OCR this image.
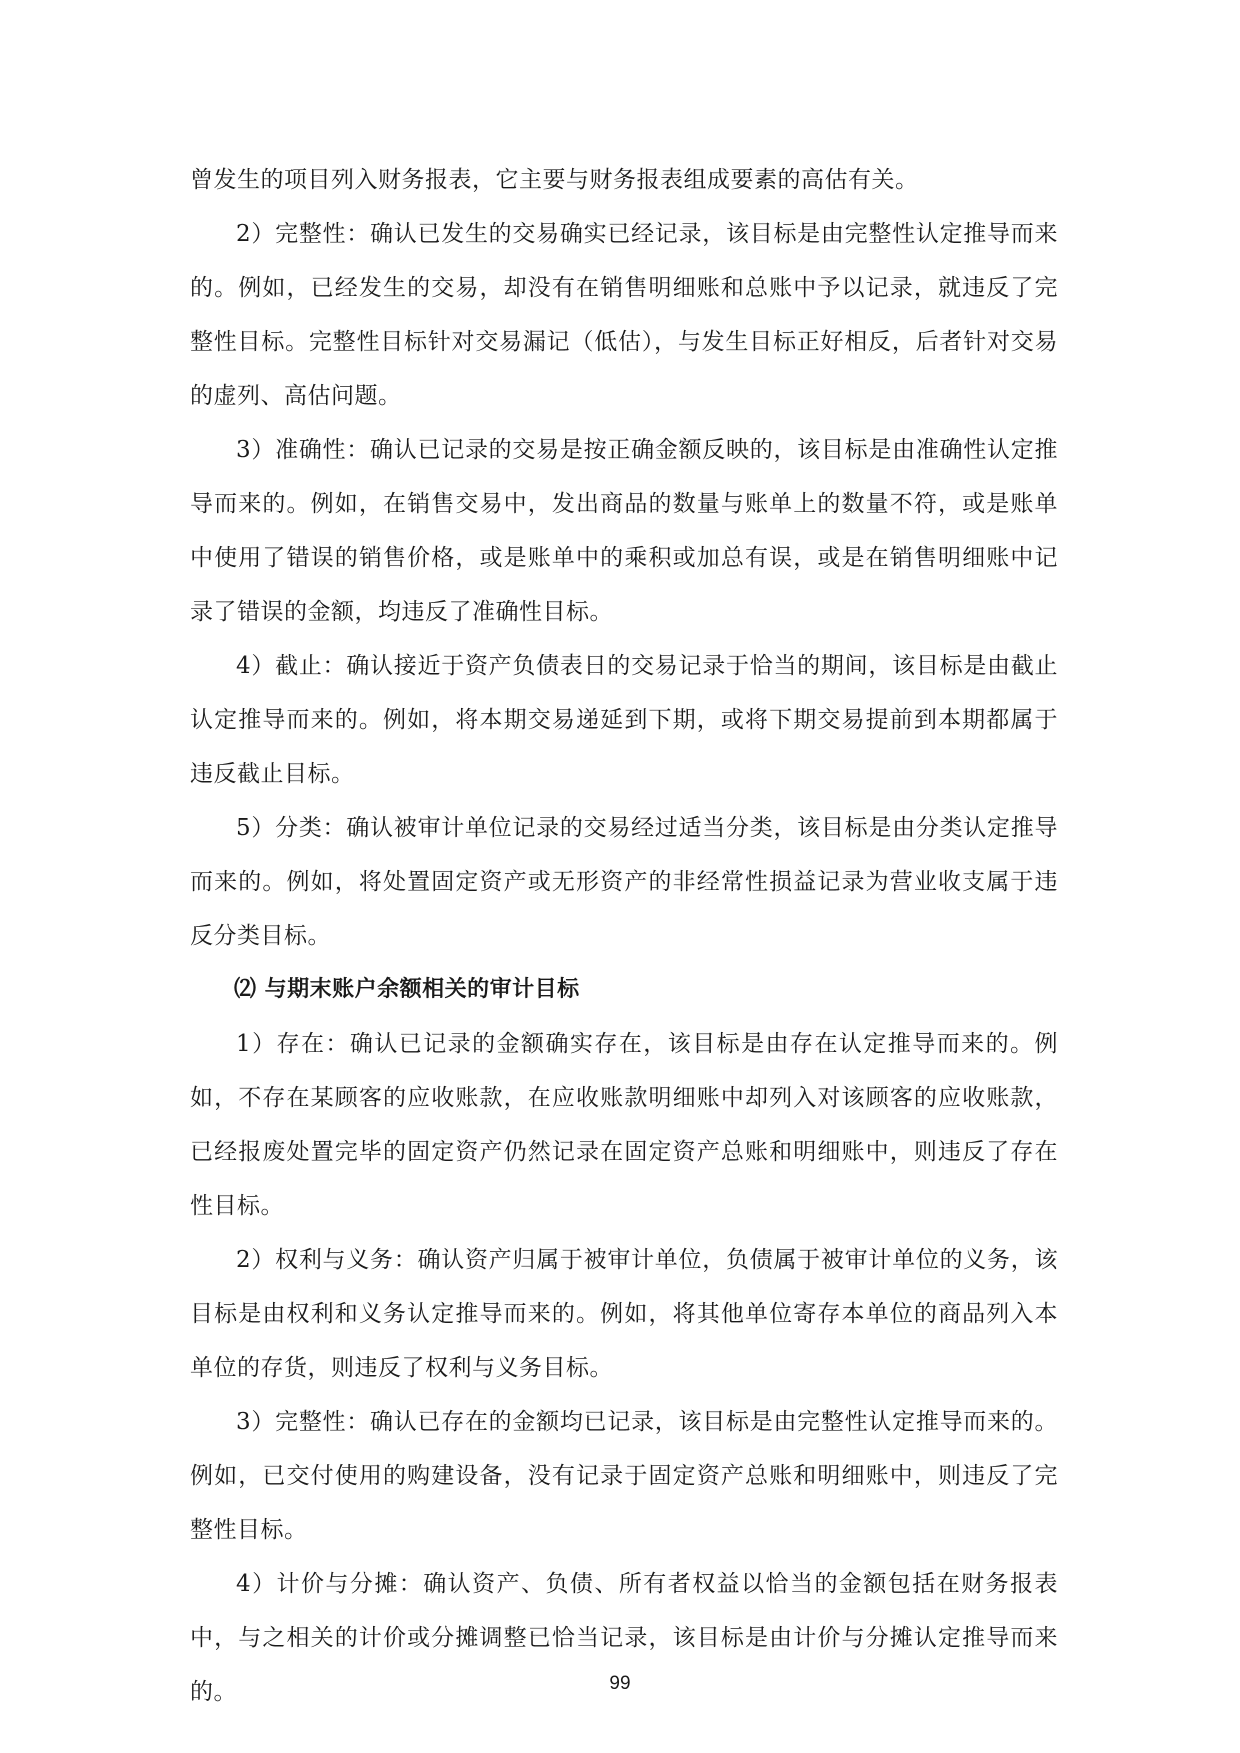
曾发生的项目列入财务报表，它主要与财务报表组成要素的高估有关。

2）完整性：确认已发生的交易确实已经记录，该目标是由完整性认定推导而来的。例如，已经发生的交易，却没有在销售明细账和总账中予以记录，就违反了完整性目标。完整性目标针对交易漏记（低估），与发生目标正好相反，后者针对交易的虚列、高估问题。

3）准确性：确认已记录的交易是按正确金额反映的，该目标是由准确性认定推导而来的。例如，在销售交易中，发出商品的数量与账单上的数量不符，或是账单中使用了错误的销售价格，或是账单中的乘积或加总有误，或是在销售明细账中记录了错误的金额，均违反了准确性目标。

4）截止：确认接近于资产负债表日的交易记录于恰当的期间，该目标是由截止认定推导而来的。例如，将本期交易递延到下期，或将下期交易提前到本期都属于违反截止目标。

5）分类：确认被审计单位记录的交易经过适当分类，该目标是由分类认定推导而来的。例如，将处置固定资产或无形资产的非经常性损益记录为营业收支属于违反分类目标。

⑵ 与期末账户余额相关的审计目标

1）存在：确认已记录的金额确实存在，该目标是由存在认定推导而来的。例如，不存在某顾客的应收账款，在应收账款明细账中却列入对该顾客的应收账款，已经报废处置完毕的固定资产仍然记录在固定资产总账和明细账中，则违反了存在性目标。

2）权利与义务：确认资产归属于被审计单位，负债属于被审计单位的义务，该目标是由权利和义务认定推导而来的。例如，将其他单位寄存本单位的商品列入本单位的存货，则违反了权利与义务目标。

3）完整性：确认已存在的金额均已记录，该目标是由完整性认定推导而来的。例如，已交付使用的购建设备，没有记录于固定资产总账和明细账中，则违反了完整性目标。

4）计价与分摊：确认资产、负债、所有者权益以恰当的金额包括在财务报表中，与之相关的计价或分摊调整已恰当记录，该目标是由计价与分摊认定推导而来的。	99
